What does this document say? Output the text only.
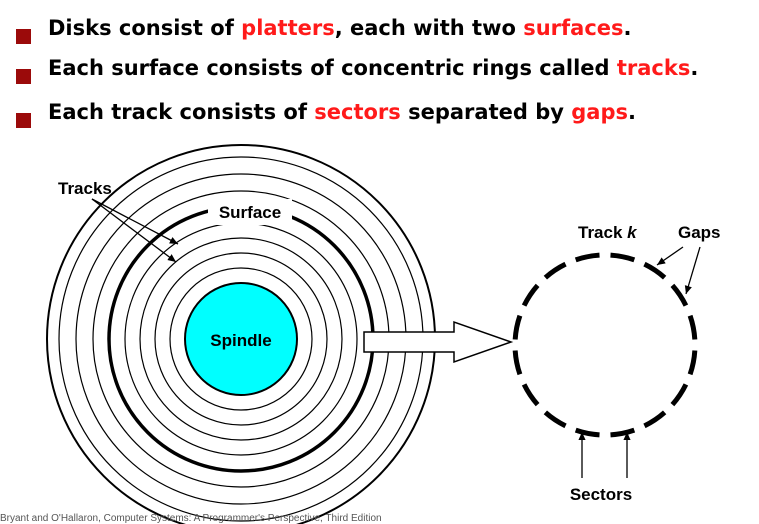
Disks consist of platters, each with two surfaces.
Each surface consists of concentric rings called tracks.
Each track consists of sectors separated by gaps.
Spindle
Surface
Tracks
Track k Gaps
Sectors
Bryant and O'Hallaron, Computer Systems: A Programmer's Perspective, Third Edition
